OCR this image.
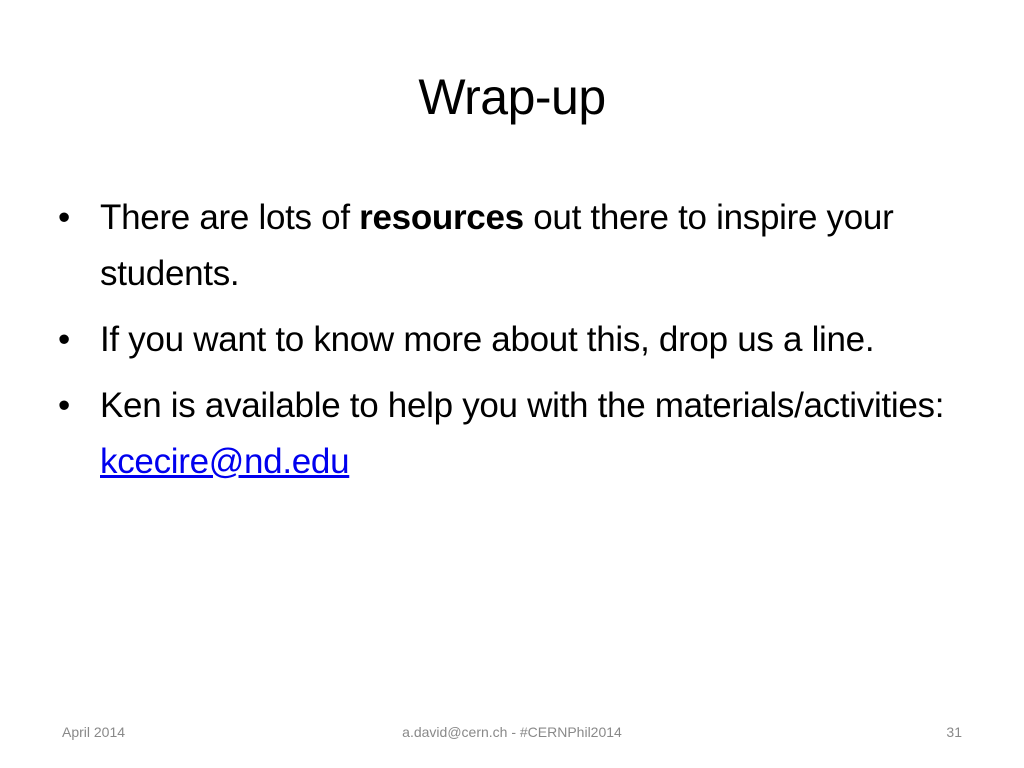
Wrap-up
• There are lots of resources out there to inspire your students.
• If you want to know more about this, drop us a line.
• Ken is available to help you with the materials/activities: kcecire@nd.edu
April 2014	a.david@cern.ch - #CERNPhil2014	31
